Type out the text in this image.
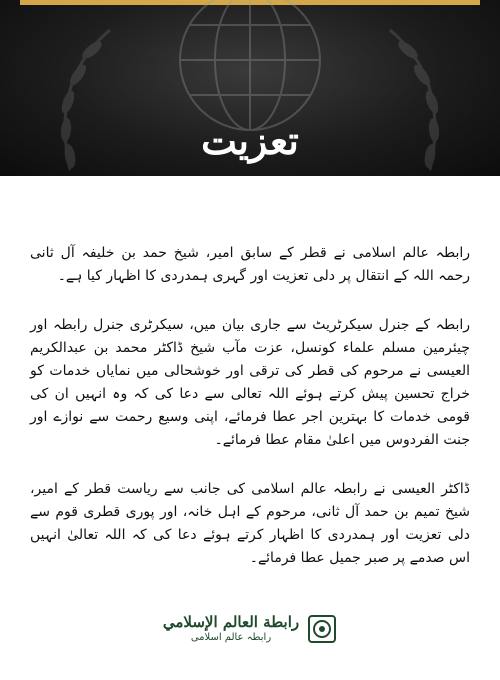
تعزیت

رابطہ عالم اسلامی نے قطر کے سابق امیر، شیخ حمد بن خلیفہ آل ثانی رحمہ اللہ کے انتقال پر دلی تعزیت اور گہری ہمدردی کا اظہار کیا ہے۔

رابطہ کے جنرل سیکرٹریٹ سے جاری بیان میں، سیکرٹری جنرل رابطہ اور چیئرمین مسلم علماء کونسل، عزت مآب شیخ ڈاکٹر محمد بن عبدالکریم العیسی نے مرحوم کی قطر کی ترقی اور خوشحالی میں نمایاں خدمات کو خراج تحسین پیش کرتے ہوئے اللہ تعالی سے دعا کی کہ وہ انہیں ان کی قومی خدمات کا بہترین اجر عطا فرمائے، اپنی وسیع رحمت سے نوازے اور جنت الفردوس میں اعلیٰ مقام عطا فرمائے۔

ڈاکٹر العیسی نے رابطہ عالم اسلامی کی جانب سے ریاست قطر کے امیر، شیخ تمیم بن حمد آل ثانی، مرحوم کے اہل خانہ، اور پوری قطری قوم سے دلی تعزیت اور ہمدردی کا اظہار کرتے ہوئے دعا کی کہ اللہ تعالیٰ انہیں اس صدمے پر صبر جمیل عطا فرمائے۔

رابطة العالم الإسلامي
رابطہ عالم اسلامی
